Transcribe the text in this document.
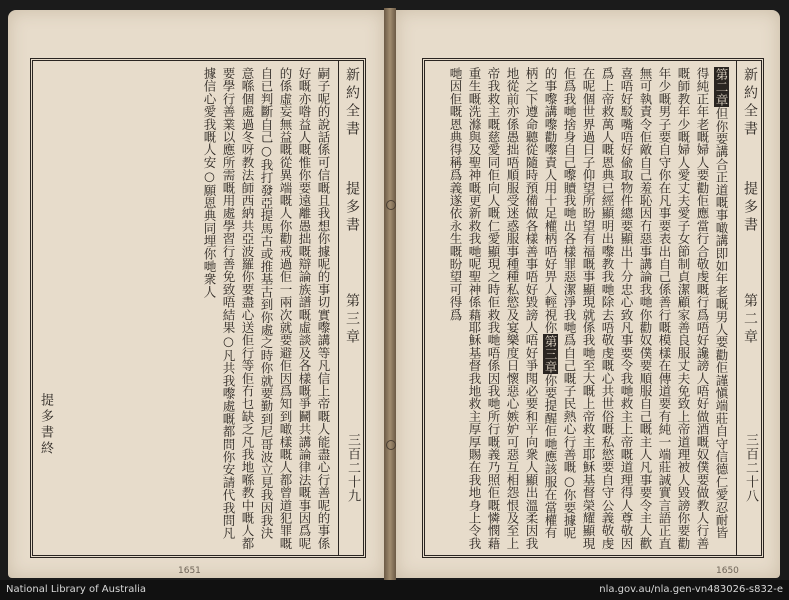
新約全書
提多書
第三章
三百二十九

嗣子呢的說話係可信嘅且我想你據呢的事切實嚟講等凡信上帝嘅人能盡心行善呢的事係好嘅亦喒益人嘅惟你要遠離愚拙嘅辯論族譜嘅虛談及各樣嘅爭鬭共講論律法嘅事因爲呢的係虛妄無益嘅從異端嘅人你勸戒過佢一兩次就要避佢因爲知到噉樣嘅人都曾道犯罪嘅自已判斷自己○我打發亞提馬古或推基古到你處之時你就要勤到尼哥波立見我因我決意喺個處過冬呀教法師西納共亞波羅你要盡心送佢行等佢冇乜缺乏凡我地喺教中嘅人都要學行善業以應所需嘅用處學習行善免致唔結果○凡共我嚟處嘅都問你安請代我問凡據信心愛我嘅人安○願恩典同埋你哋衆人

提多書終
1651
新約全書
提多書
第二章
三百二十八

第二章但你要講合正道嘅事噉講即如年老嘅男人要勸佢謹愼端莊自守信德仁愛忍耐皆得純正年老嘅婦人要勸佢應當行合敬虔嘅行爲唔好讒謗人唔好做酒嘅奴僕要做教人行善嘅師教年少嘅婦人愛丈夫愛子女節制貞潔顧家善良服丈夫免致上帝道理被人毀謗你要勸年少嘅男子要自守你在凡事要表出自己係善行嘅模樣在傳道要有純一端莊誠實言語正直無可執責令佢敵自己羞恥因冇惡事講論我哋你勸奴僕要順服自己嘅主人凡事要令主人歡喜唔好駁嘴唔好偸取物件總要顯出十分忠心致凡事要令我哋救主上帝嘅道理得人尊敬因爲上帝救萬人嘅恩典已經顯明出嚟教我哋除去唔敬虔嘅心共世俗嘅私慾要自守公義敬虔在呢個世界過日子仰望所盼望有福嘅事顯現就係我哋至大嘅上帝救主耶穌基督榮耀顯現佢爲我哋捨身自己嚟贖我哋出各樣罪惡潔淨我哋爲自己嘅子民熱心行善嘅○你要據呢的事嚟講嚟勸嚟責人用十足權柄唔好畀人輕視你第三章你要提醒佢哋應該服在當權有柄之下遵命聽從隨時預備做各樣善事唔好毀謗人唔好爭閗必要和平向衆人顯出溫柔因我地從前亦係愚拙唔順服受迷惑服事種種私慾及宴樂度日懷惡心嫉妒可惡互相怨恨及至上帝我救主嘅慈愛同佢向人嘅仁愛顯現之時佢救我哋唔係因我哋所行嘅義乃照佢嘅憐憫藉重生嘅洗滌與及聖神嘅更新救我哋呢聖神係藉耶穌基督我地救主厚厚賜在我地身上令我哋因佢嘅恩典得稱爲義遂依永生嘅盼望可得爲

1650
National Library of Australia	nla.gov.au/nla.gen-vn483026-s832-e
